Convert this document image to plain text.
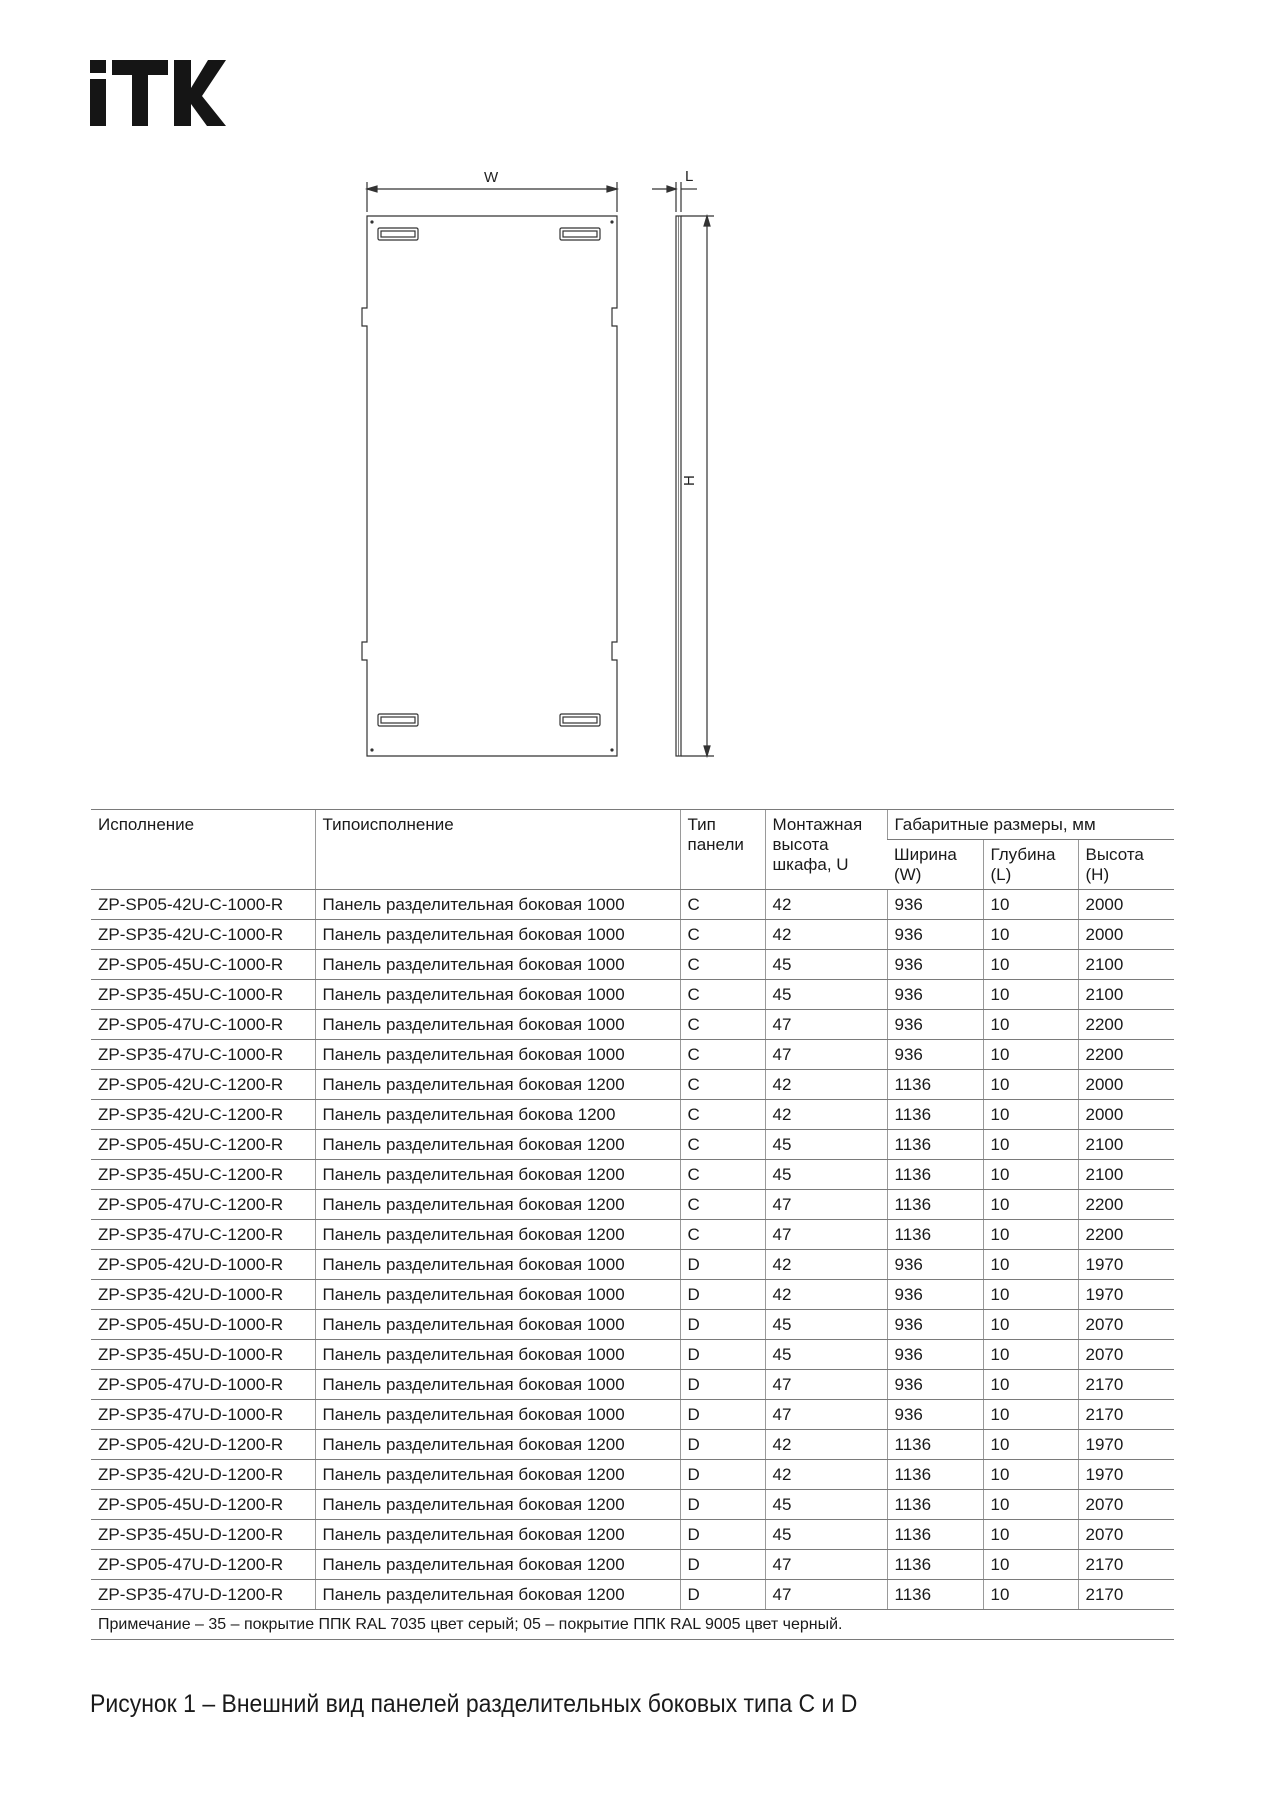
W	L
H
Исполнение	Типоисполнение	Тип панели	Монтажная высота шкафа, U	Габаритные размеры, мм		
				Ширина (W)	Глубина (L)	Высота (H)
ZP-SP05-42U-C-1000-R	Панель разделительная боковая 1000	C	42	936	10	2000
ZP-SP35-42U-C-1000-R	Панель разделительная боковая 1000	C	42	936	10	2000
ZP-SP05-45U-C-1000-R	Панель разделительная боковая 1000	C	45	936	10	2100
ZP-SP35-45U-C-1000-R	Панель разделительная боковая 1000	C	45	936	10	2100
ZP-SP05-47U-C-1000-R	Панель разделительная боковая 1000	C	47	936	10	2200
ZP-SP35-47U-C-1000-R	Панель разделительная боковая 1000	C	47	936	10	2200
ZP-SP05-42U-C-1200-R	Панель разделительная боковая 1200	C	42	1136	10	2000
ZP-SP35-42U-C-1200-R	Панель разделительная бокова 1200	C	42	1136	10	2000
ZP-SP05-45U-C-1200-R	Панель разделительная боковая 1200	C	45	1136	10	2100
ZP-SP35-45U-C-1200-R	Панель разделительная боковая 1200	C	45	1136	10	2100
ZP-SP05-47U-C-1200-R	Панель разделительная боковая 1200	C	47	1136	10	2200
ZP-SP35-47U-C-1200-R	Панель разделительная боковая 1200	C	47	1136	10	2200
ZP-SP05-42U-D-1000-R	Панель разделительная боковая 1000	D	42	936	10	1970
ZP-SP35-42U-D-1000-R	Панель разделительная боковая 1000	D	42	936	10	1970
ZP-SP05-45U-D-1000-R	Панель разделительная боковая 1000	D	45	936	10	2070
ZP-SP35-45U-D-1000-R	Панель разделительная боковая 1000	D	45	936	10	2070
ZP-SP05-47U-D-1000-R	Панель разделительная боковая 1000	D	47	936	10	2170
ZP-SP35-47U-D-1000-R	Панель разделительная боковая 1000	D	47	936	10	2170
ZP-SP05-42U-D-1200-R	Панель разделительная боковая 1200	D	42	1136	10	1970
ZP-SP35-42U-D-1200-R	Панель разделительная боковая 1200	D	42	1136	10	1970
ZP-SP05-45U-D-1200-R	Панель разделительная боковая 1200	D	45	1136	10	2070
ZP-SP35-45U-D-1200-R	Панель разделительная боковая 1200	D	45	1136	10	2070
ZP-SP05-47U-D-1200-R	Панель разделительная боковая 1200	D	47	1136	10	2170
ZP-SP35-47U-D-1200-R	Панель разделительная боковая 1200	D	47	1136	10	2170
Примечание – 35 – покрытие ППК RAL 7035 цвет серый; 05 – покрытие ППК RAL 9005 цвет черный.						
Рисунок 1 – Внешний вид панелей разделительных боковых типа C и D
